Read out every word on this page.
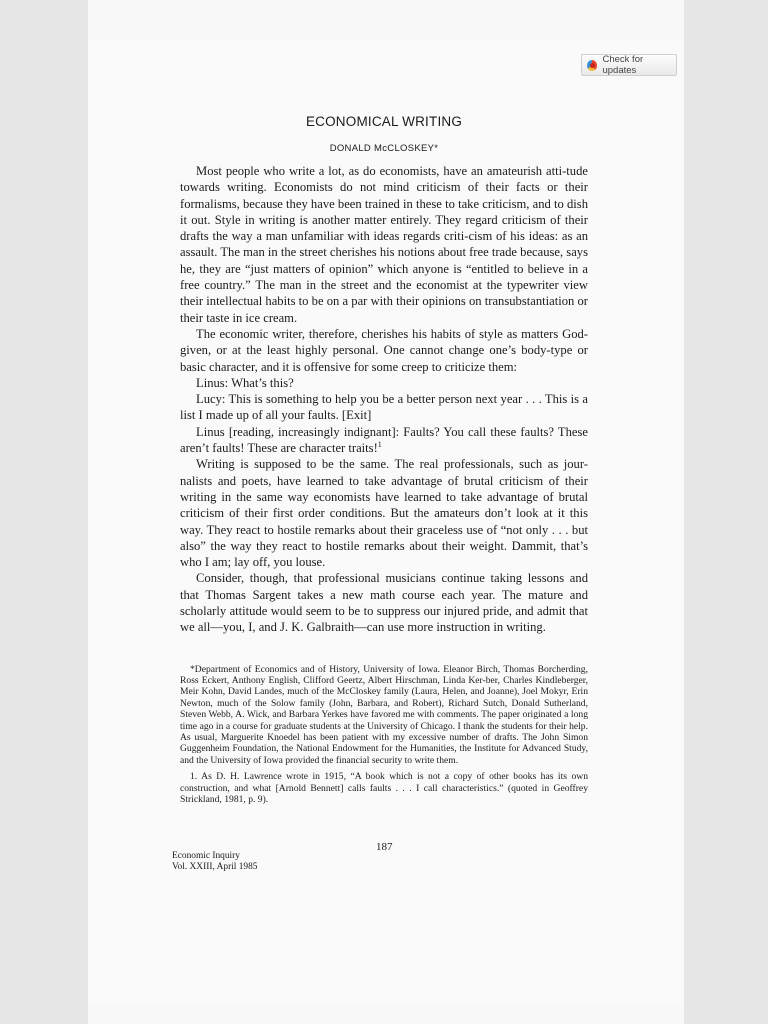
Check for updates
ECONOMICAL WRITING
DONALD McCLOSKEY*

Most people who write a lot, as do economists, have an amateurish atti-tude towards writing. Economists do not mind criticism of their facts or their formalisms, because they have been trained in these to take criticism, and to dish it out. Style in writing is another matter entirely. They regard criticism of their drafts the way a man unfamiliar with ideas regards criti-cism of his ideas: as an assault. The man in the street cherishes his notions about free trade because, says he, they are “just matters of opinion” which anyone is “entitled to believe in a free country.” The man in the street and the economist at the typewriter view their intellectual habits to be on a par with their opinions on transubstantiation or their taste in ice cream.

The economic writer, therefore, cherishes his habits of style as matters God-given, or at the least highly personal. One cannot change one’s body-type or basic character, and it is offensive for some creep to criticize them:

Linus: What’s this?

Lucy: This is something to help you be a better person next year . . . This is a list I made up of all your faults. [Exit]

Linus [reading, increasingly indignant]: Faults? You call these faults? These aren’t faults! These are character traits!$^1$

Writing is supposed to be the same. The real professionals, such as jour-nalists and poets, have learned to take advantage of brutal criticism of their writing in the same way economists have learned to take advantage of brutal criticism of their first order conditions. But the amateurs don’t look at it this way. They react to hostile remarks about their graceless use of “not only . . . but also” the way they react to hostile remarks about their weight. Dammit, that’s who I am; lay off, you louse.

Consider, though, that professional musicians continue taking lessons and that Thomas Sargent takes a new math course each year. The mature and scholarly attitude would seem to be to suppress our injured pride, and admit that we all—you, I, and J. K. Galbraith—can use more instruction in writing.

*Department of Economics and of History, University of Iowa. Eleanor Birch, Thomas Borcherding, Ross Eckert, Anthony English, Clifford Geertz, Albert Hirschman, Linda Ker-ber, Charles Kindleberger, Meir Kohn, David Landes, much of the McCloskey family (Laura, Helen, and Joanne), Joel Mokyr, Erin Newton, much of the Solow family (John, Barbara, and Robert), Richard Sutch, Donald Sutherland, Steven Webb, A. Wick, and Barbara Yerkes have favored me with comments. The paper originated a long time ago in a course for graduate students at the University of Chicago. I thank the students for their help. As usual, Marguerite Knoedel has been patient with my excessive number of drafts. The John Simon Guggenheim Foundation, the National Endowment for the Humanities, the Institute for Advanced Study, and the University of Iowa provided the financial security to write them.

1. As D. H. Lawrence wrote in 1915, “A book which is not a copy of other books has its own construction, and what [Arnold Bennett] calls faults . . . I call characteristics.” (quoted in Geoffrey Strickland, 1981, p. 9).

187
Economic Inquiry
Vol. XXIII, April 1985
